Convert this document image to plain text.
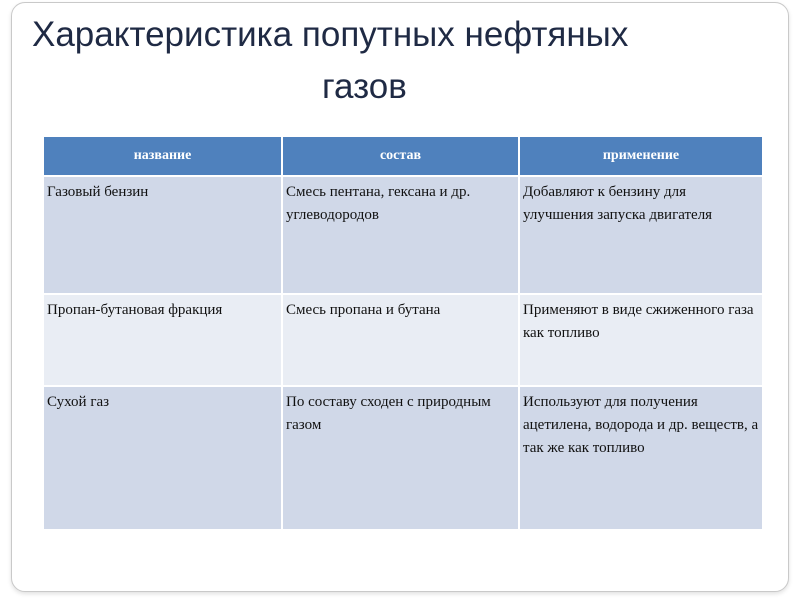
Характеристика попутных нефтяных
газов
название	состав	применение
Газовый бензин	Смесь пентана, гексана и др. углеводородов	Добавляют к бензину для улучшения запуска двигателя
Пропан-бутановая фракция	Смесь пропана и бутана	Применяют в виде сжиженного газа как топливо
Сухой газ	По составу сходен с природным газом	Используют для получения ацетилена, водорода и др. веществ, а так же как топливо
